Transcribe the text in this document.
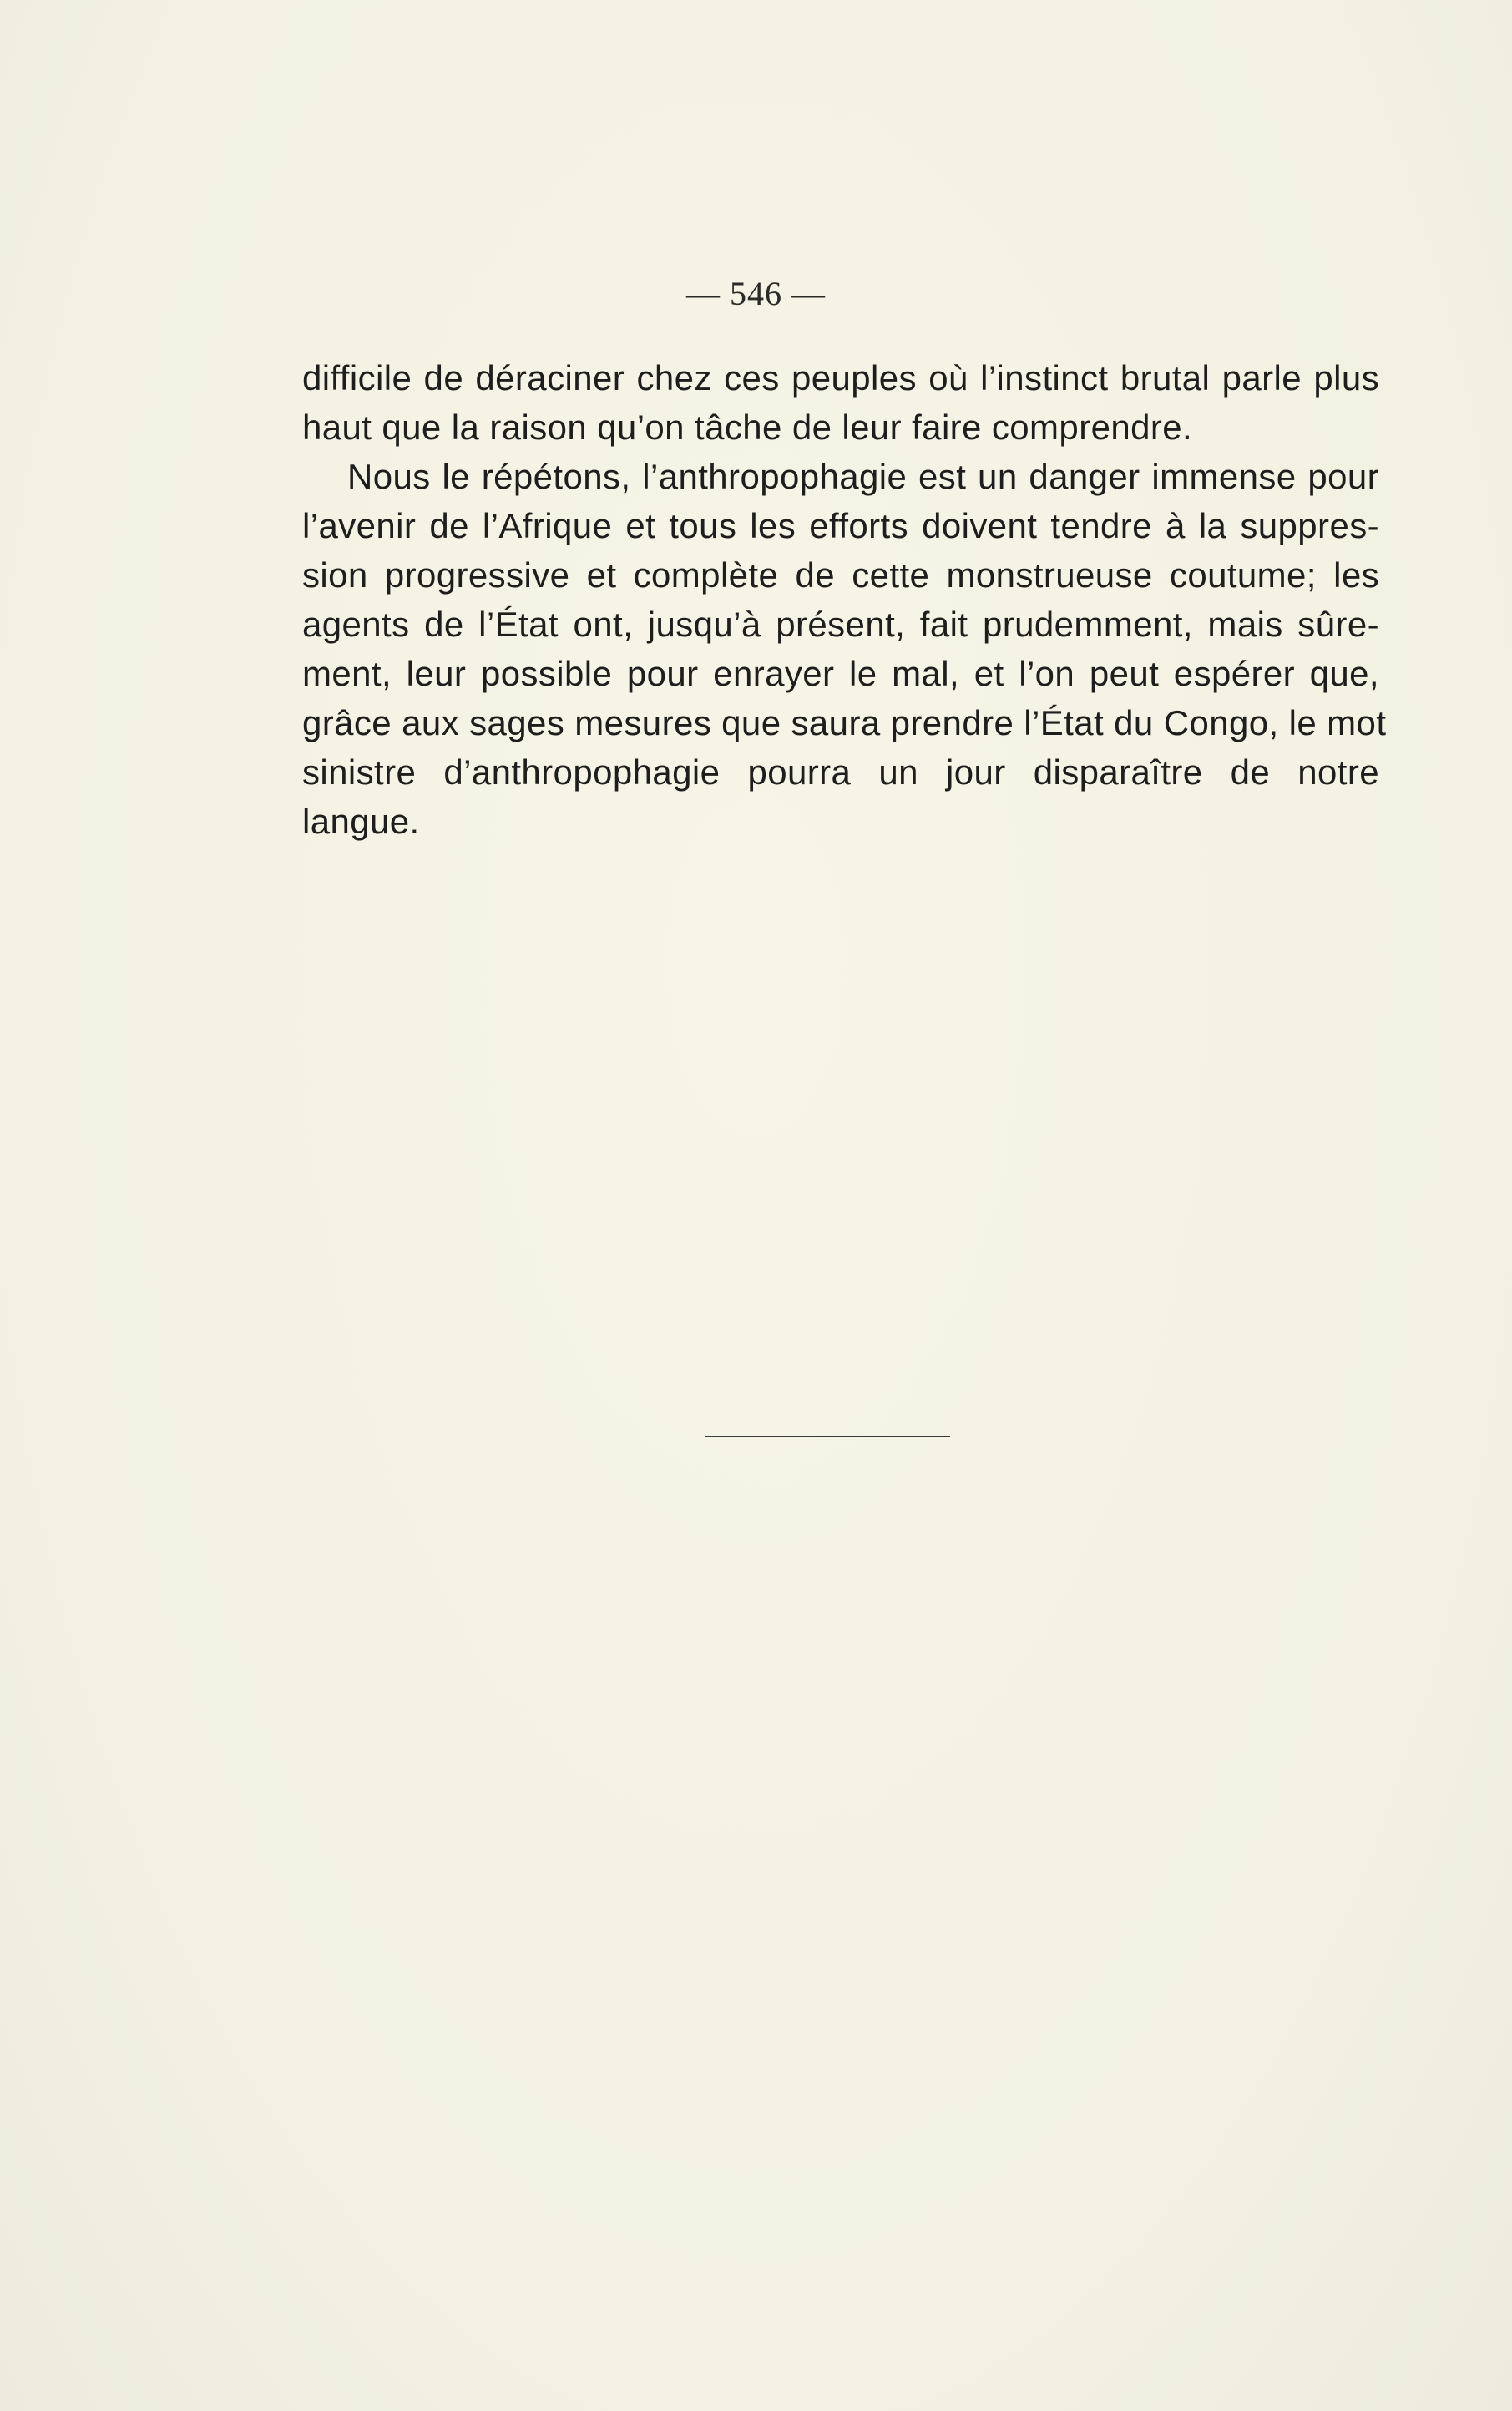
— 546 —
difficile de déraciner chez ces peuples où l’instinct brutal parle plus
haut que la raison qu’on tâche de leur faire comprendre.
Nous le répétons, l’anthropophagie est un danger immense pour
l’avenir de l’Afrique et tous les efforts doivent tendre à la suppres-
sion progressive et complète de cette monstrueuse coutume; les
agents de l’État ont, jusqu’à présent, fait prudemment, mais sûre-
ment, leur possible pour enrayer le mal, et l’on peut espérer que,
grâce aux sages mesures que saura prendre l’État du Congo, le mot
sinistre d’anthropophagie pourra un jour disparaître de notre
langue.
